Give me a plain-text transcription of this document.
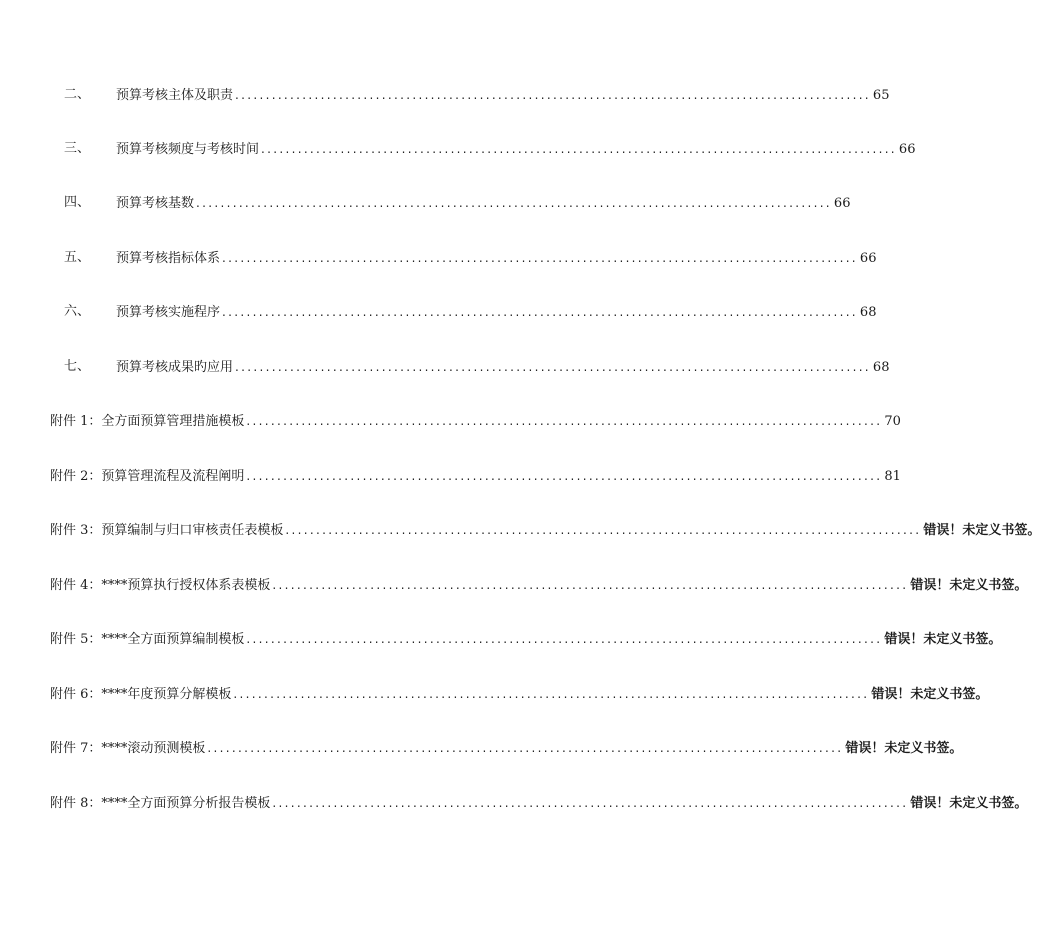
二、 预算考核主体及职责 ........................................................................................................ 65
三、 预算考核频度与考核时间 ........................................................................................................ 66
四、 预算考核基数 ........................................................................................................ 66
五、 预算考核指标体系 ........................................................................................................ 66
六、 预算考核实施程序 ........................................................................................................ 68
七、 预算考核成果旳应用 ........................................................................................................ 68
附件 1：全方面预算管理措施模板 ........................................................................................................ 70
附件 2：预算管理流程及流程阐明 ........................................................................................................ 81
附件 3：预算编制与归口审核责任表模板 ........................................................................................................ 错误！未定义书签。
附件 4：****预算执行授权体系表模板 ........................................................................................................ 错误！未定义书签。
附件 5：****全方面预算编制模板 ........................................................................................................ 错误！未定义书签。
附件 6：****年度预算分解模板 ........................................................................................................ 错误！未定义书签。
附件 7：****滚动预测模板 ........................................................................................................ 错误！未定义书签。
附件 8：****全方面预算分析报告模板 ........................................................................................................ 错误！未定义书签。
